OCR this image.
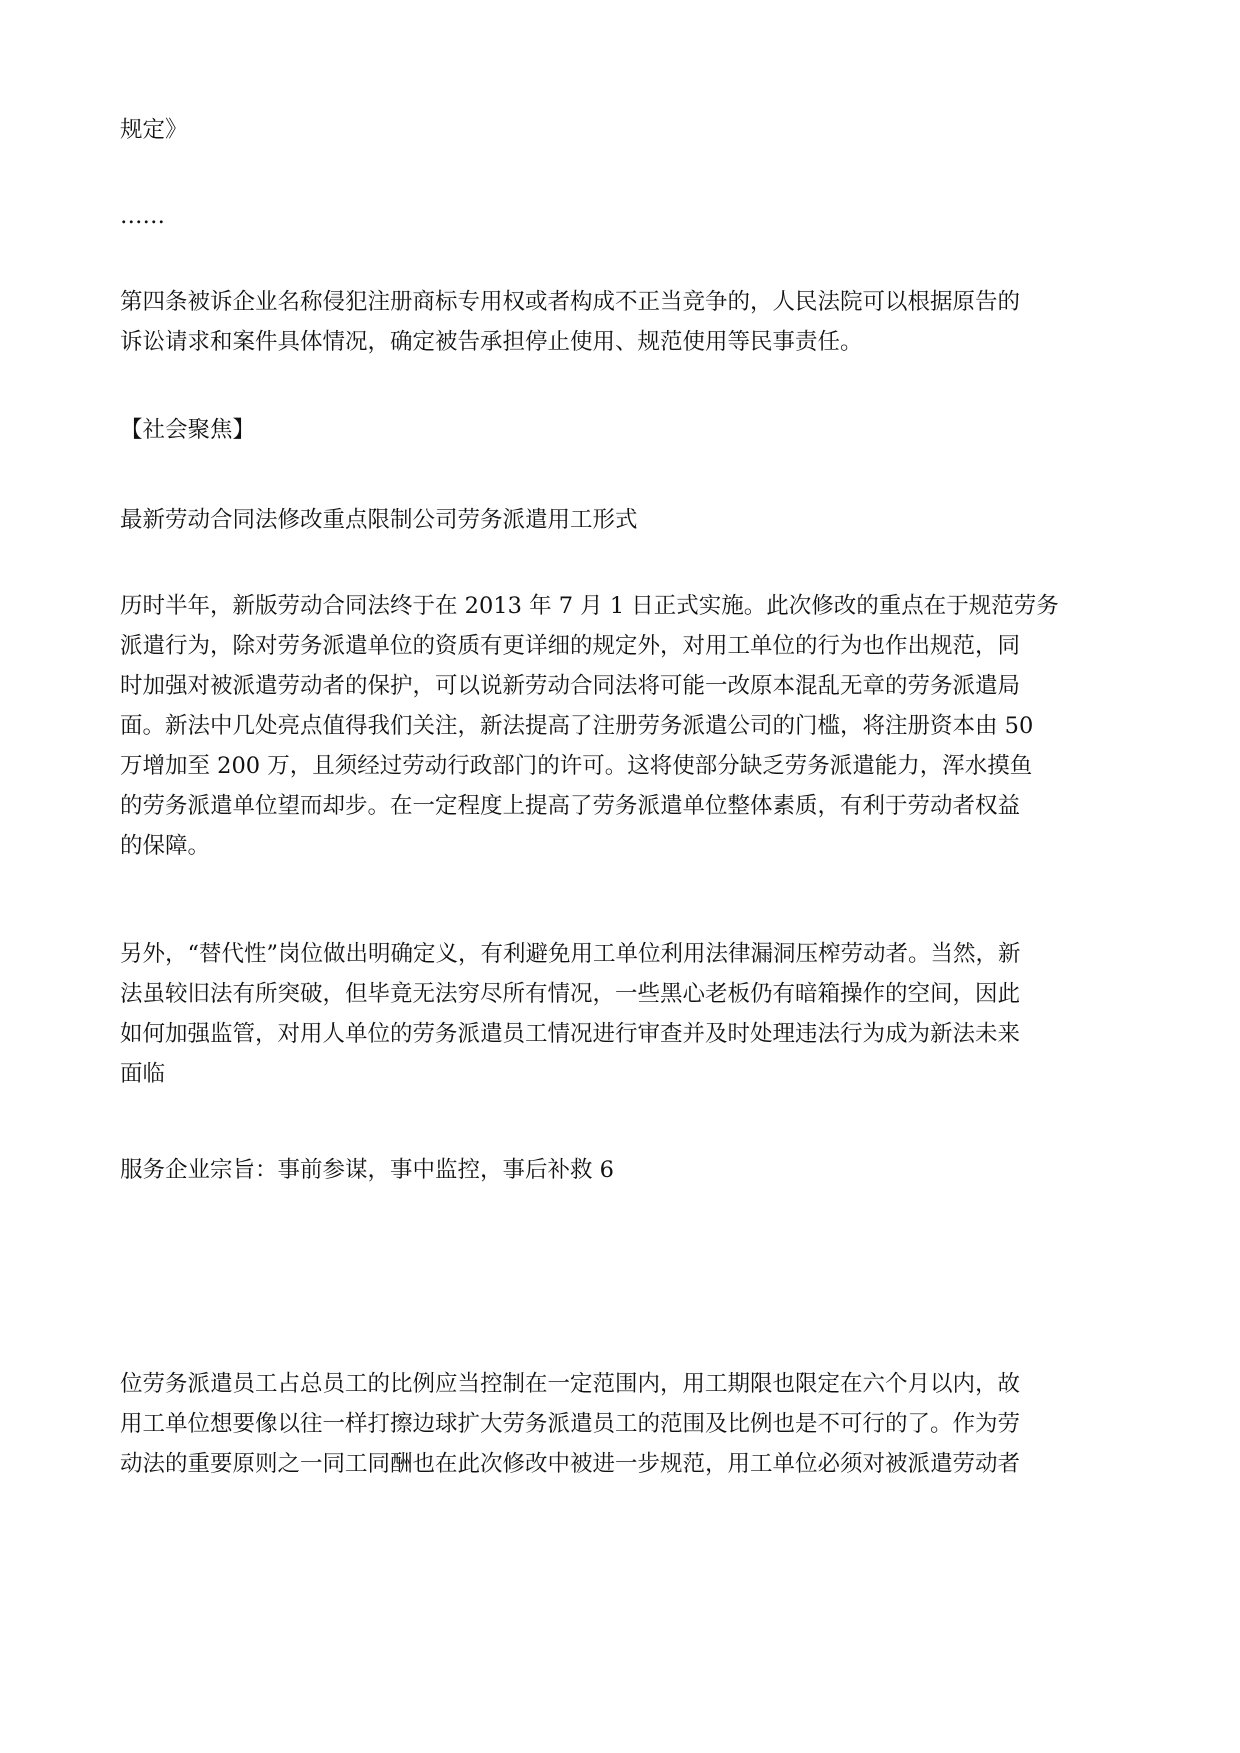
规定》

……

第四条被诉企业名称侵犯注册商标专用权或者构成不正当竞争的，人民法院可以根据原告的
诉讼请求和案件具体情况，确定被告承担停止使用、规范使用等民事责任。

【社会聚焦】

最新劳动合同法修改重点限制公司劳务派遣用工形式

历时半年，新版劳动合同法终于在 2013 年 7 月 1 日正式实施。此次修改的重点在于规范劳务
派遣行为，除对劳务派遣单位的资质有更详细的规定外，对用工单位的行为也作出规范，同
时加强对被派遣劳动者的保护，可以说新劳动合同法将可能一改原本混乱无章的劳务派遣局
面。新法中几处亮点值得我们关注，新法提高了注册劳务派遣公司的门槛，将注册资本由 50
万增加至 200 万，且须经过劳动行政部门的许可。这将使部分缺乏劳务派遣能力，浑水摸鱼
的劳务派遣单位望而却步。在一定程度上提高了劳务派遣单位整体素质，有利于劳动者权益
的保障。

另外，“替代性”岗位做出明确定义，有利避免用工单位利用法律漏洞压榨劳动者。当然，新
法虽较旧法有所突破，但毕竟无法穷尽所有情况，一些黑心老板仍有暗箱操作的空间，因此
如何加强监管，对用人单位的劳务派遣员工情况进行审查并及时处理违法行为成为新法未来
面临

服务企业宗旨：事前参谋，事中监控，事后补救 6

位劳务派遣员工占总员工的比例应当控制在一定范围内，用工期限也限定在六个月以内，故
用工单位想要像以往一样打擦边球扩大劳务派遣员工的范围及比例也是不可行的了。作为劳
动法的重要原则之一同工同酬也在此次修改中被进一步规范，用工单位必须对被派遣劳动者
